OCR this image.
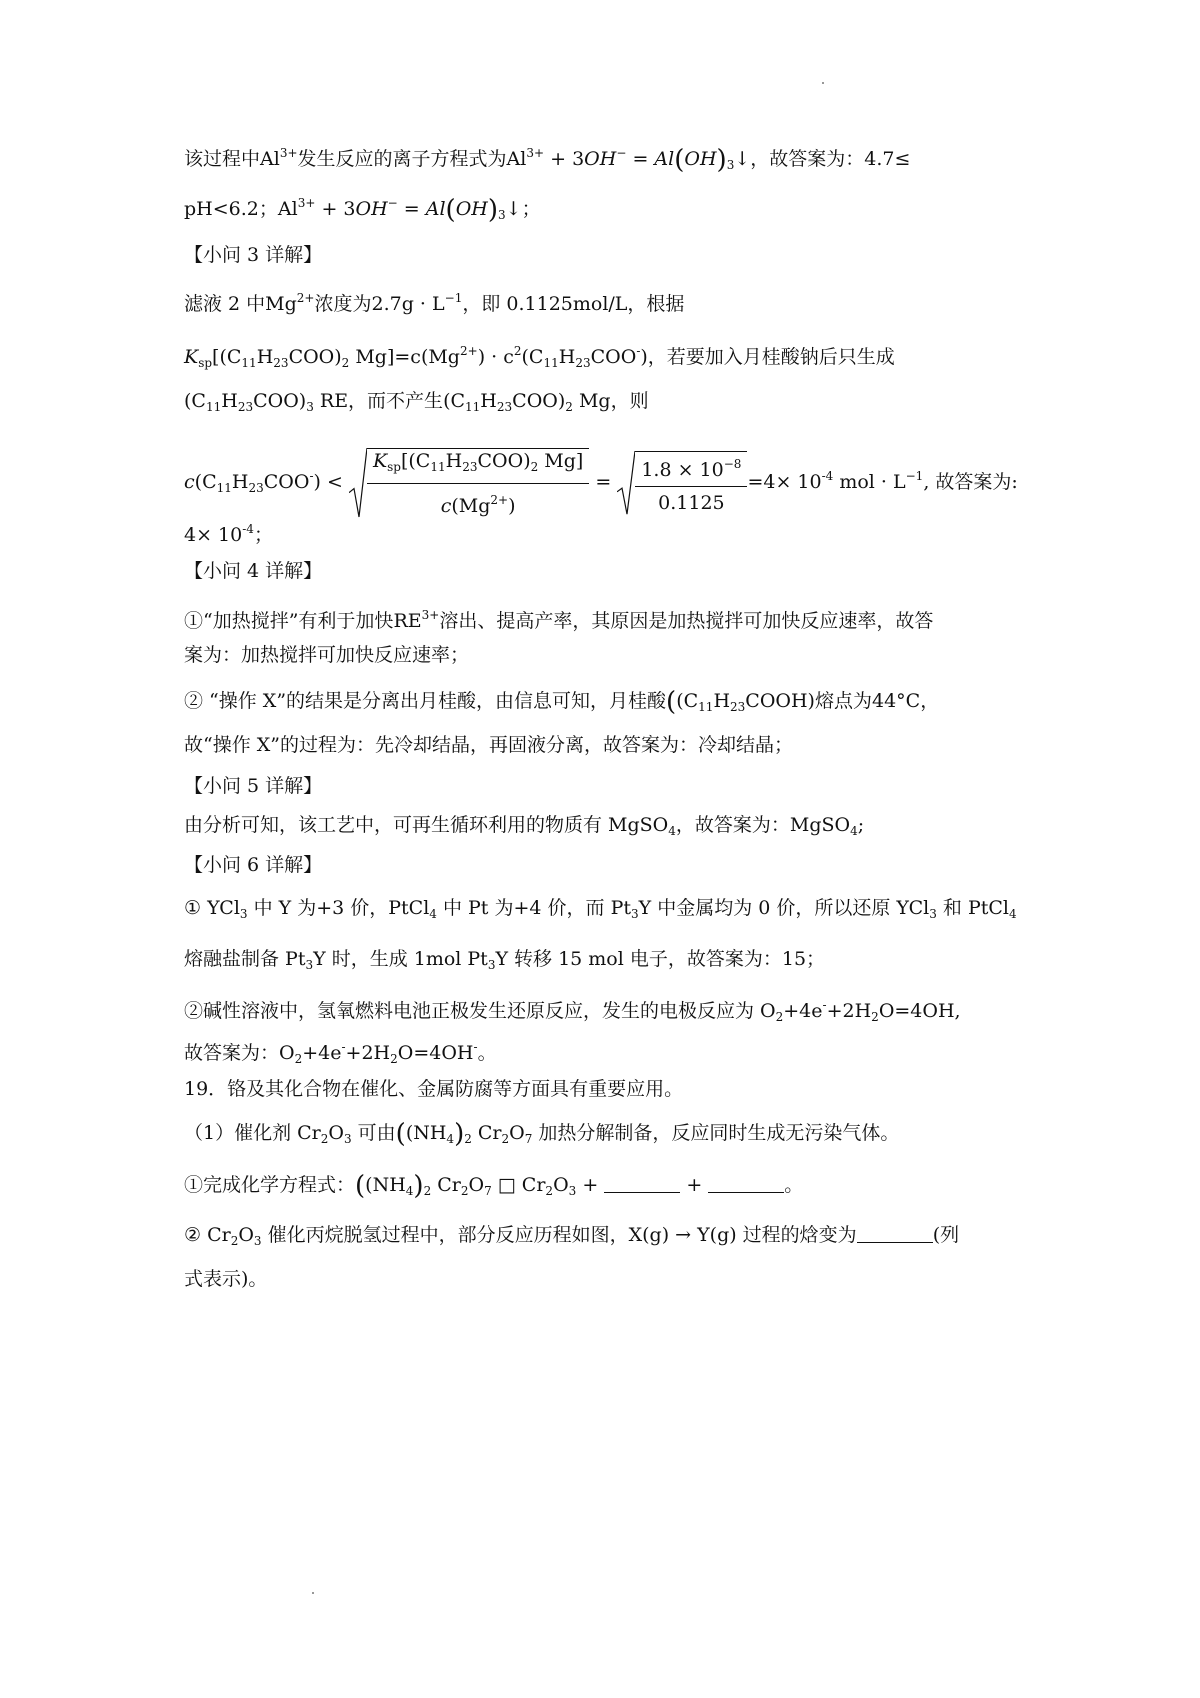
该过程中$Al^{3+}$发生反应的离子方程式为$Al^{3+} + 3OH^-$ = $Al(OH)_3↓$，故答案为：4.7≤
pH<6.2；$Al^{3+} + 3OH^-$ = $Al(OH)_3↓$；
【小问 3 详解】
滤液 2 中$Mg^{2+}$浓度为$2.7g \cdot L^{-1}$，即 0.1125mol/L，根据
$K_{sp}[(C_{11}H_{23}COO)_2$ $Mg]=c(Mg^{2+}) \cdot c^2(C_{11}H_{23}COO^-)$，若要加入月桂酸钠后只生成
$(C_{11}H_{23}COO)_3$ RE，而不产生$(C_{11}H_{23}COO)_2$ Mg，则
$c(C_{11}H_{23}COO^-) < \frac{K_{sp}[(C_{11}H_{23}COO)_2 Mg]}{c(Mg^{2+})} = \frac{1.8 \times 10^{-8}}{0.1125} =4\times 10^{-4}$ mol · $L^{-1}$, 故答案为:
$4\times 10^{-4}$；
【小问 4 详解】
①“加热搅拌”有利于加快$RE^{3+}$溶出、提高产率，其原因是加热搅拌可加快反应速率，故答
案为：加热搅拌可加快反应速率；
② “操作 X”的结果是分离出月桂酸，由信息可知，月桂酸($(C_{11}H_{23}COOH)$熔点为44°C，
故“操作 X”的过程为：先冷却结晶，再固液分离，故答案为：冷却结晶；
【小问 5 详解】
由分析可知，该工艺中，可再生循环利用的物质有 MgSO$_4$，故答案为：MgSO$_4$;
【小问 6 详解】
① YCl$_3$ 中 Y 为+3 价，PtCl$_4$ 中 Pt 为+4 价，而 $Pt_3Y$ 中金属均为 0 价，所以还原 YCl$_3$ 和 PtCl$_4$
熔融盐制备 $Pt_3Y$ 时，生成 1mol $Pt_3Y$ 转移 15 mol 电子，故答案为：15；
②碱性溶液中，氢氧燃料电池正极发生还原反应，发生的电极反应为 $O_2+4e^-+2H_2O=4OH$,
故答案为：$O_2+4e^-+2H_2O=4OH^-$。
19．铬及其化合物在催化、金属防腐等方面具有重要应用。
（1）催化剂 $Cr_2O_3$ 可由($(NH_4)_2$ $Cr_2O_7$ 加热分解制备，反应同时生成无污染气体。
①完成化学方程式：($(NH_4)_2$ $Cr_2O_7$ □ $Cr_2O_3$ +	+	。
② $Cr_2O_3$ 催化丙烷脱氢过程中，部分反应历程如图，X(g) → Y(g) 过程的焓变为	(列
式表示)。
